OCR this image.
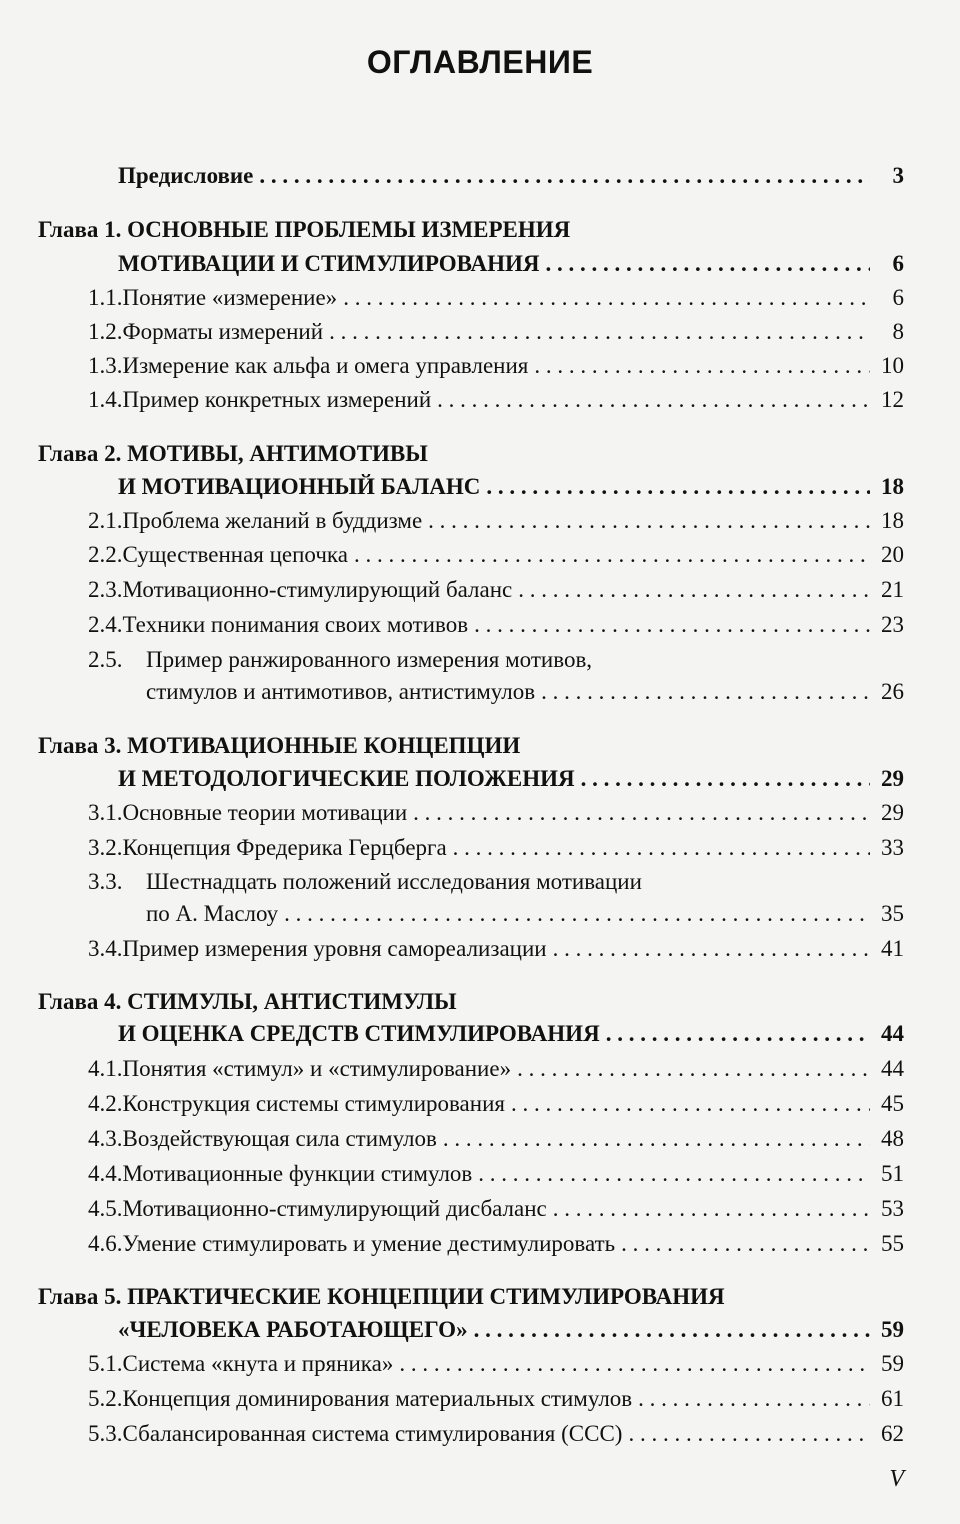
ОГЛАВЛЕНИЕ
Предисловие . . .	3
Глава 1. ОСНОВНЫЕ ПРОБЛЕМЫ ИЗМЕРЕНИЯ
МОТИВАЦИИ И СТИМУЛИРОВАНИЯ . . .	6
1.1. Понятие «измерение» . . .	6
1.2. Форматы измерений . . .	8
1.3. Измерение как альфа и омега управления . . .	10
1.4. Пример конкретных измерений . . .	12
Глава 2. МОТИВЫ, АНТИМОТИВЫ
И МОТИВАЦИОННЫЙ БАЛАНС . . .	18
2.1. Проблема желаний в буддизме . . .	18
2.2. Существенная цепочка . . .	20
2.3. Мотивационно-стимулирующий баланс . . .	21
2.4. Техники понимания своих мотивов . . .	23
2.5. Пример ранжированного измерения мотивов,
стимулов и антимотивов, антистимулов . . .	26
Глава 3. МОТИВАЦИОННЫЕ КОНЦЕПЦИИ
И МЕТОДОЛОГИЧЕСКИЕ ПОЛОЖЕНИЯ . . .	29
3.1. Основные теории мотивации . . .	29
3.2. Концепция Фредерика Герцберга . . .	33
3.3. Шестнадцать положений исследования мотивации
по А. Маслоу . . .	35
3.4. Пример измерения уровня самореализации . . .	41
Глава 4. СТИМУЛЫ, АНТИСТИМУЛЫ
И ОЦЕНКА СРЕДСТВ СТИМУЛИРОВАНИЯ . . .	44
4.1. Понятия «стимул» и «стимулирование» . . .	44
4.2. Конструкция системы стимулирования . . .	45
4.3. Воздействующая сила стимулов . . .	48
4.4. Мотивационные функции стимулов . . .	51
4.5. Мотивационно-стимулирующий дисбаланс . . .	53
4.6. Умение стимулировать и умение дестимулировать . . .	55
Глава 5. ПРАКТИЧЕСКИЕ КОНЦЕПЦИИ СТИМУЛИРОВАНИЯ
«ЧЕЛОВЕКА РАБОТАЮЩЕГО» . . .	59
5.1. Система «кнута и пряника» . . .	59
5.2. Концепция доминирования материальных стимулов . . .	61
5.3. Сбалансированная система стимулирования (ССС) . . .	62
V
